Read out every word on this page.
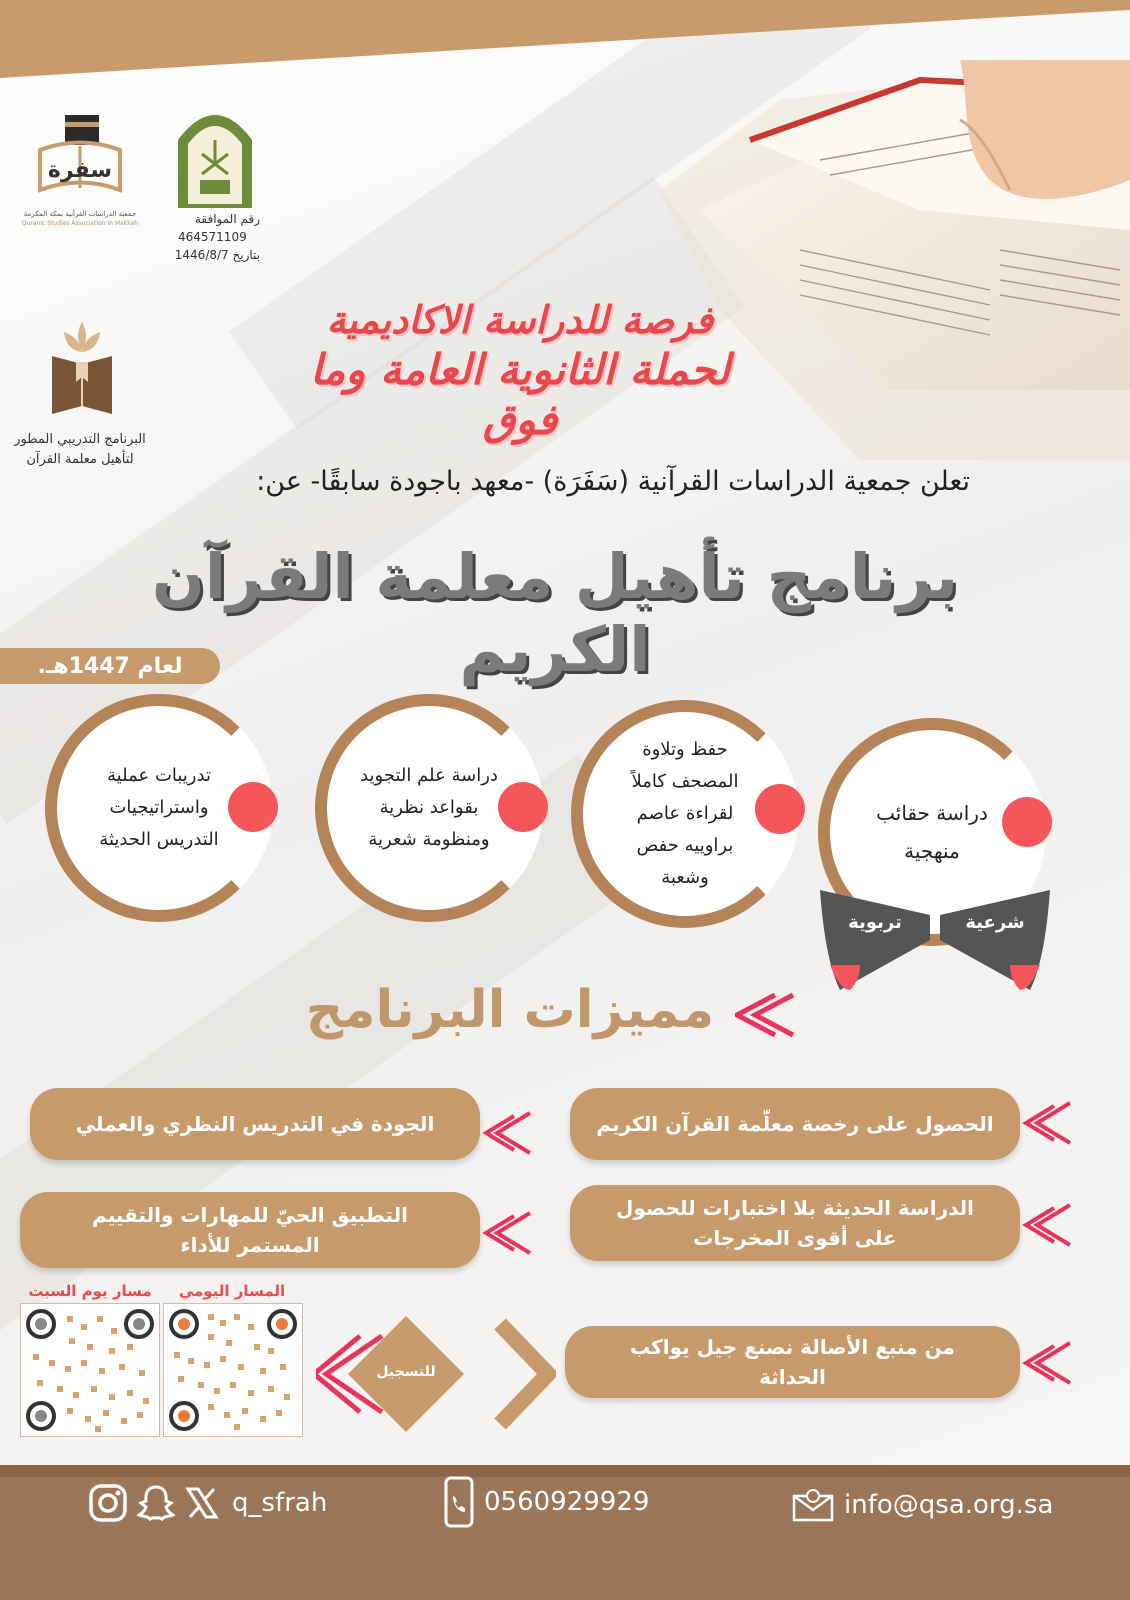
سفرة
جمعية الدراسات القرآنية بمكة المكرمة
Quranic Studies Association in Makkah	رقم الموافقة
464571109
بتاريخ 1446/8/7
البرنامج التدريبي المطور
لتأهيل معلمة القرآن
فرصة للدراسة الاكاديمية
لحملة الثانوية العامة وما فوق
تعلن جمعية الدراسات القرآنية (سَفَرَة) -معهد باجودة سابقًا- عن:
برنامج تأهيل معلمة القرآن الكريم
لعام 1447هـ.
دراسة حقائب منهجية
حفظ وتلاوة المصحف كاملاً لقراءة عاصم براوييه حفص وشعبة
دراسة علم التجويد بقواعد نظرية ومنظومة شعرية
تدريبات عملية واستراتيجيات التدريس الحديثة
تربوية	شرعية
مميزات البرنامج
الحصول على رخصة معلّمة القرآن الكريم
الجودة في التدريس النظري والعملي
الدراسة الحديثة بلا اختبارات للحصول على أقوى المخرجات
التطبيق الحيّ للمهارات والتقييم المستمر للأداء
من منبع الأصالة نصنع جيل يواكب الحداثة
للتسجيل
المسار اليومي
مسار يوم السبت
q_sfrah	0560929929	info@qsa.org.sa
